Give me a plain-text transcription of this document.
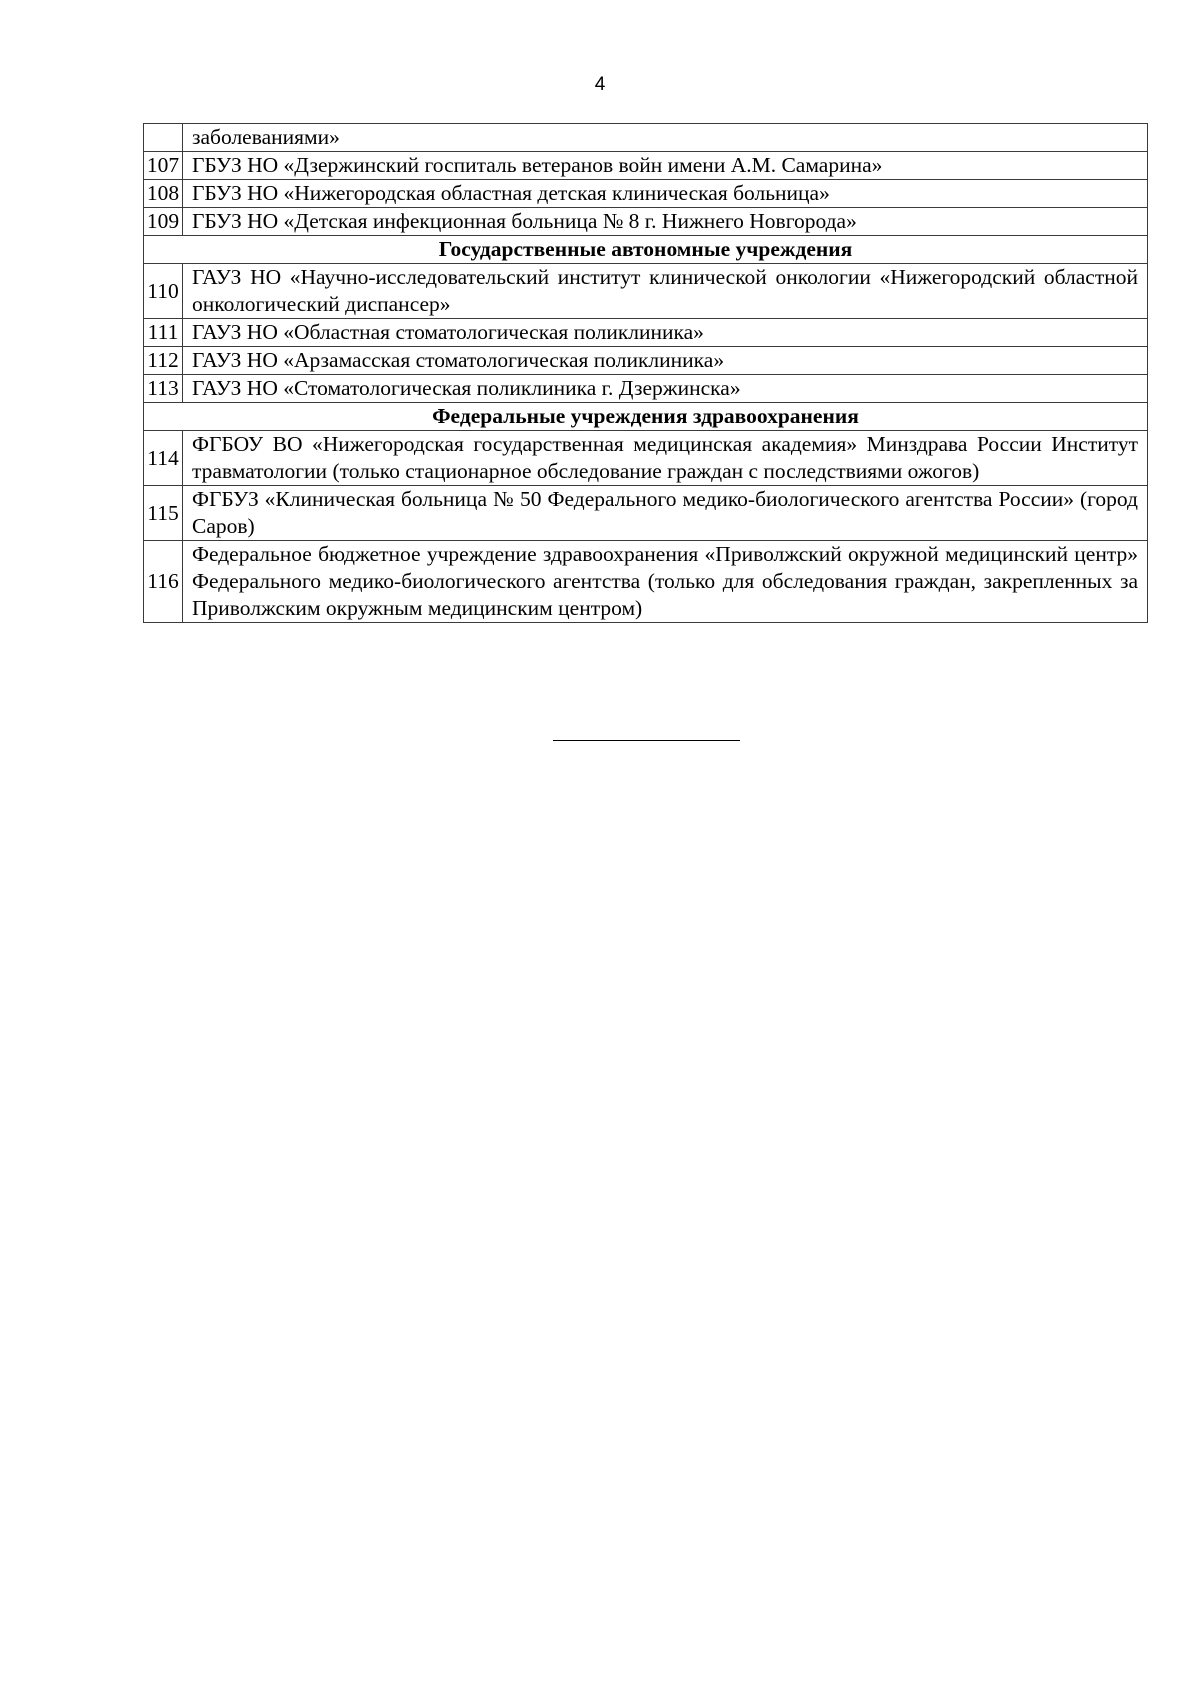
4
	заболеваниями»
107	ГБУЗ НО «Дзержинский госпиталь ветеранов войн имени А.М. Самарина»
108	ГБУЗ НО «Нижегородская областная детская клиническая больница»
109	ГБУЗ НО «Детская инфекционная больница № 8 г. Нижнего Новгорода»
Государственные автономные учреждения	
110	ГАУЗ НО «Научно-исследовательский институт клинической онкологии «Нижегородский областной онкологический диспансер»
111	ГАУЗ НО «Областная стоматологическая поликлиника»
112	ГАУЗ НО «Арзамасская стоматологическая поликлиника»
113	ГАУЗ НО «Стоматологическая поликлиника г. Дзержинска»
Федеральные учреждения здравоохранения	
114	ФГБОУ ВО «Нижегородская государственная медицинская академия» Минздрава России Институт травматологии (только стационарное обследование граждан с последствиями ожогов)
115	ФГБУЗ «Клиническая больница № 50 Федерального медико-биологического агентства России» (город Саров)
116	Федеральное бюджетное учреждение здравоохранения «Приволжский окружной медицинский центр» Федерального медико-биологического агентства (только для обследования граждан, закрепленных за Приволжским окружным медицинским центром)
